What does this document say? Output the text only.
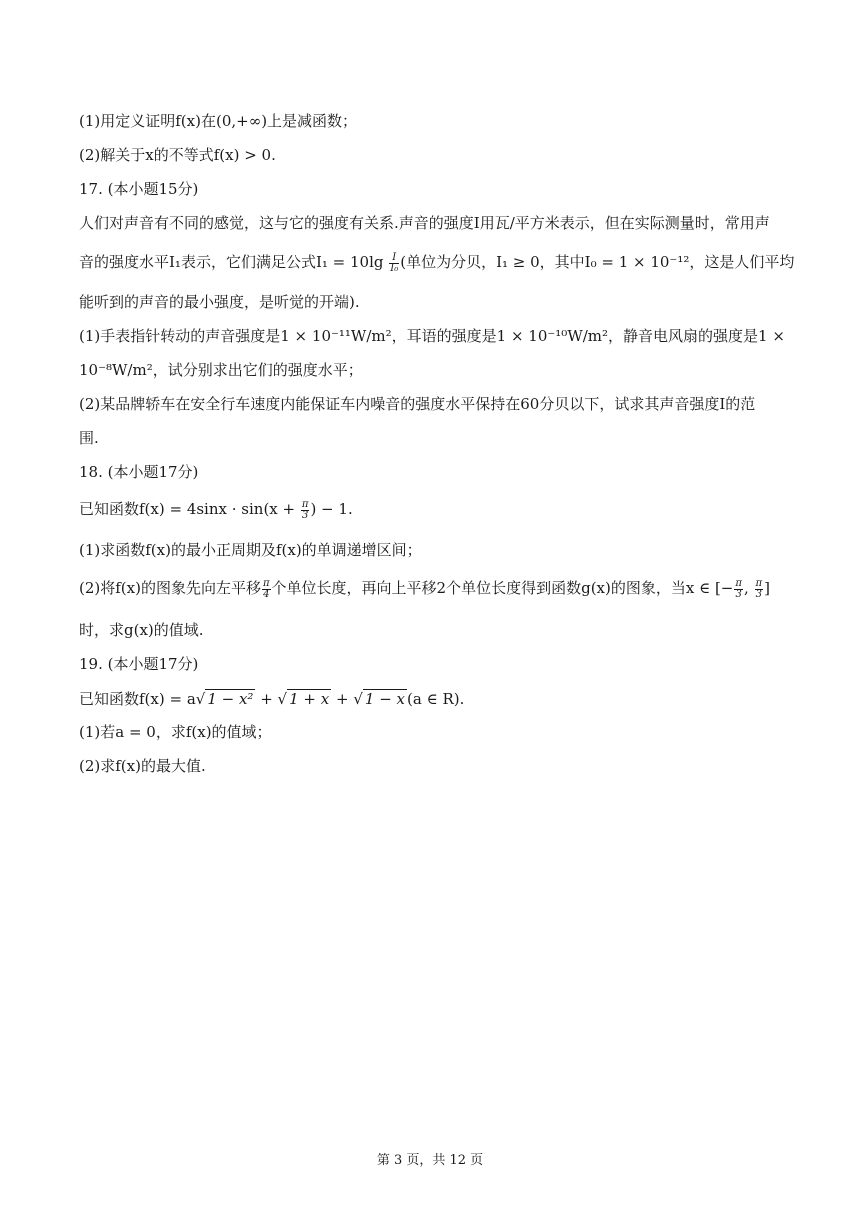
(1)用定义证明f(x)在(0,+∞)上是减函数；
(2)解关于x的不等式f(x) > 0.
17. (本小题15分)
人们对声音有不同的感觉，这与它的强度有关系.声音的强度I用瓦/平方米表示，但在实际测量时，常用声
音的强度水平I₁表示，它们满足公式$I_1 = 10\lg \frac{I}{\text{I₀}}$ (单位为分贝，I₁ ≥ 0，其中I₀ = 1 × 10⁻¹²，这是人们平均
能听到的声音的最小强度，是听觉的开端).
(1)手表指针转动的声音强度是1 × 10⁻¹¹W/m²，耳语的强度是1 × 10⁻¹⁰W/m²，静音电风扇的强度是1 ×
10⁻⁸W/m²，试分别求出它们的强度水平；
(2)某品牌轿车在安全行车速度内能保证车内噪音的强度水平保持在60分贝以下，试求其声音强度I的范
围.
18. (本小题17分)
已知函数$f(x) = 4\sin x \cdot \sin(x + \frac{\pi}{3}$ ) − 1.
(1)求函数f(x)的最小正周期及f(x)的单调递增区间；
(2)将f(x)的图象先向左平移 $\frac{\pi}{4}$ 个单位长度，再向上平移2个单位长度得到函数g(x)的图象，当x ∈ [− $\frac{\pi}{3}$ , $\frac{\pi}{3}$ ]
时，求g(x)的值域.
19. (本小题17分)
已知函数f(x) = a√ 1 − x² + √ 1 + x + √ 1 − x (a ∈ R).
(1)若a = 0，求f(x)的值域；
(2)求f(x)的最大值.
第 3 页，共 12 页
